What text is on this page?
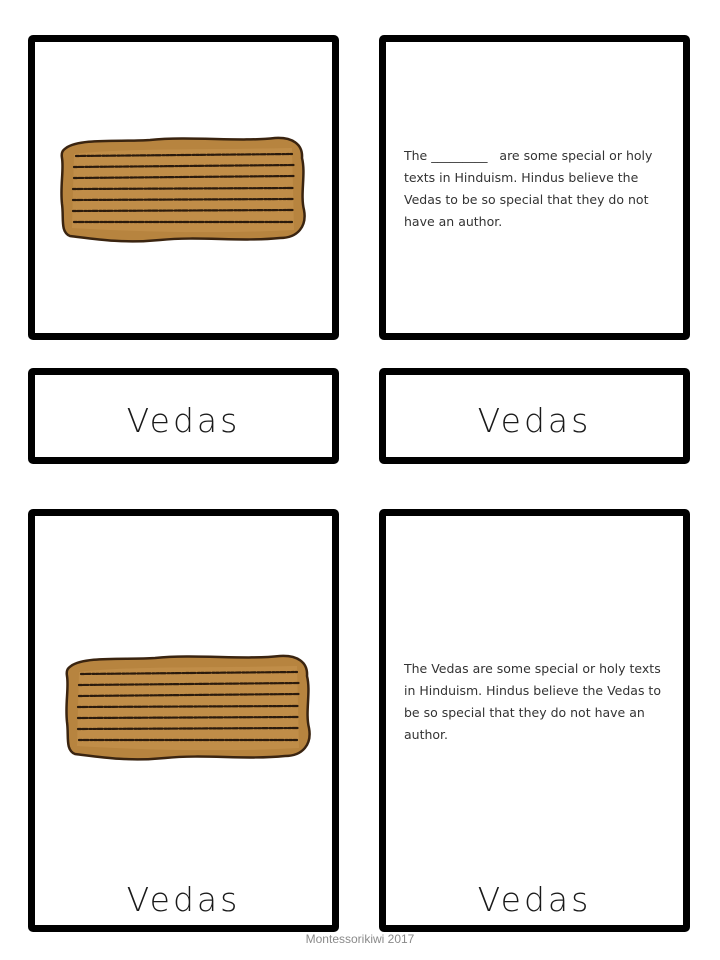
The _________   are some special or holy texts in Hinduism. Hindus believe the Vedas to be so special that they do not have an author.
Vedas	Vedas
Vedas
The Vedas are some special or holy texts in Hinduism. Hindus believe the Vedas to be so special that they do not have an author.
Vedas
Montessorikiwi 2017
